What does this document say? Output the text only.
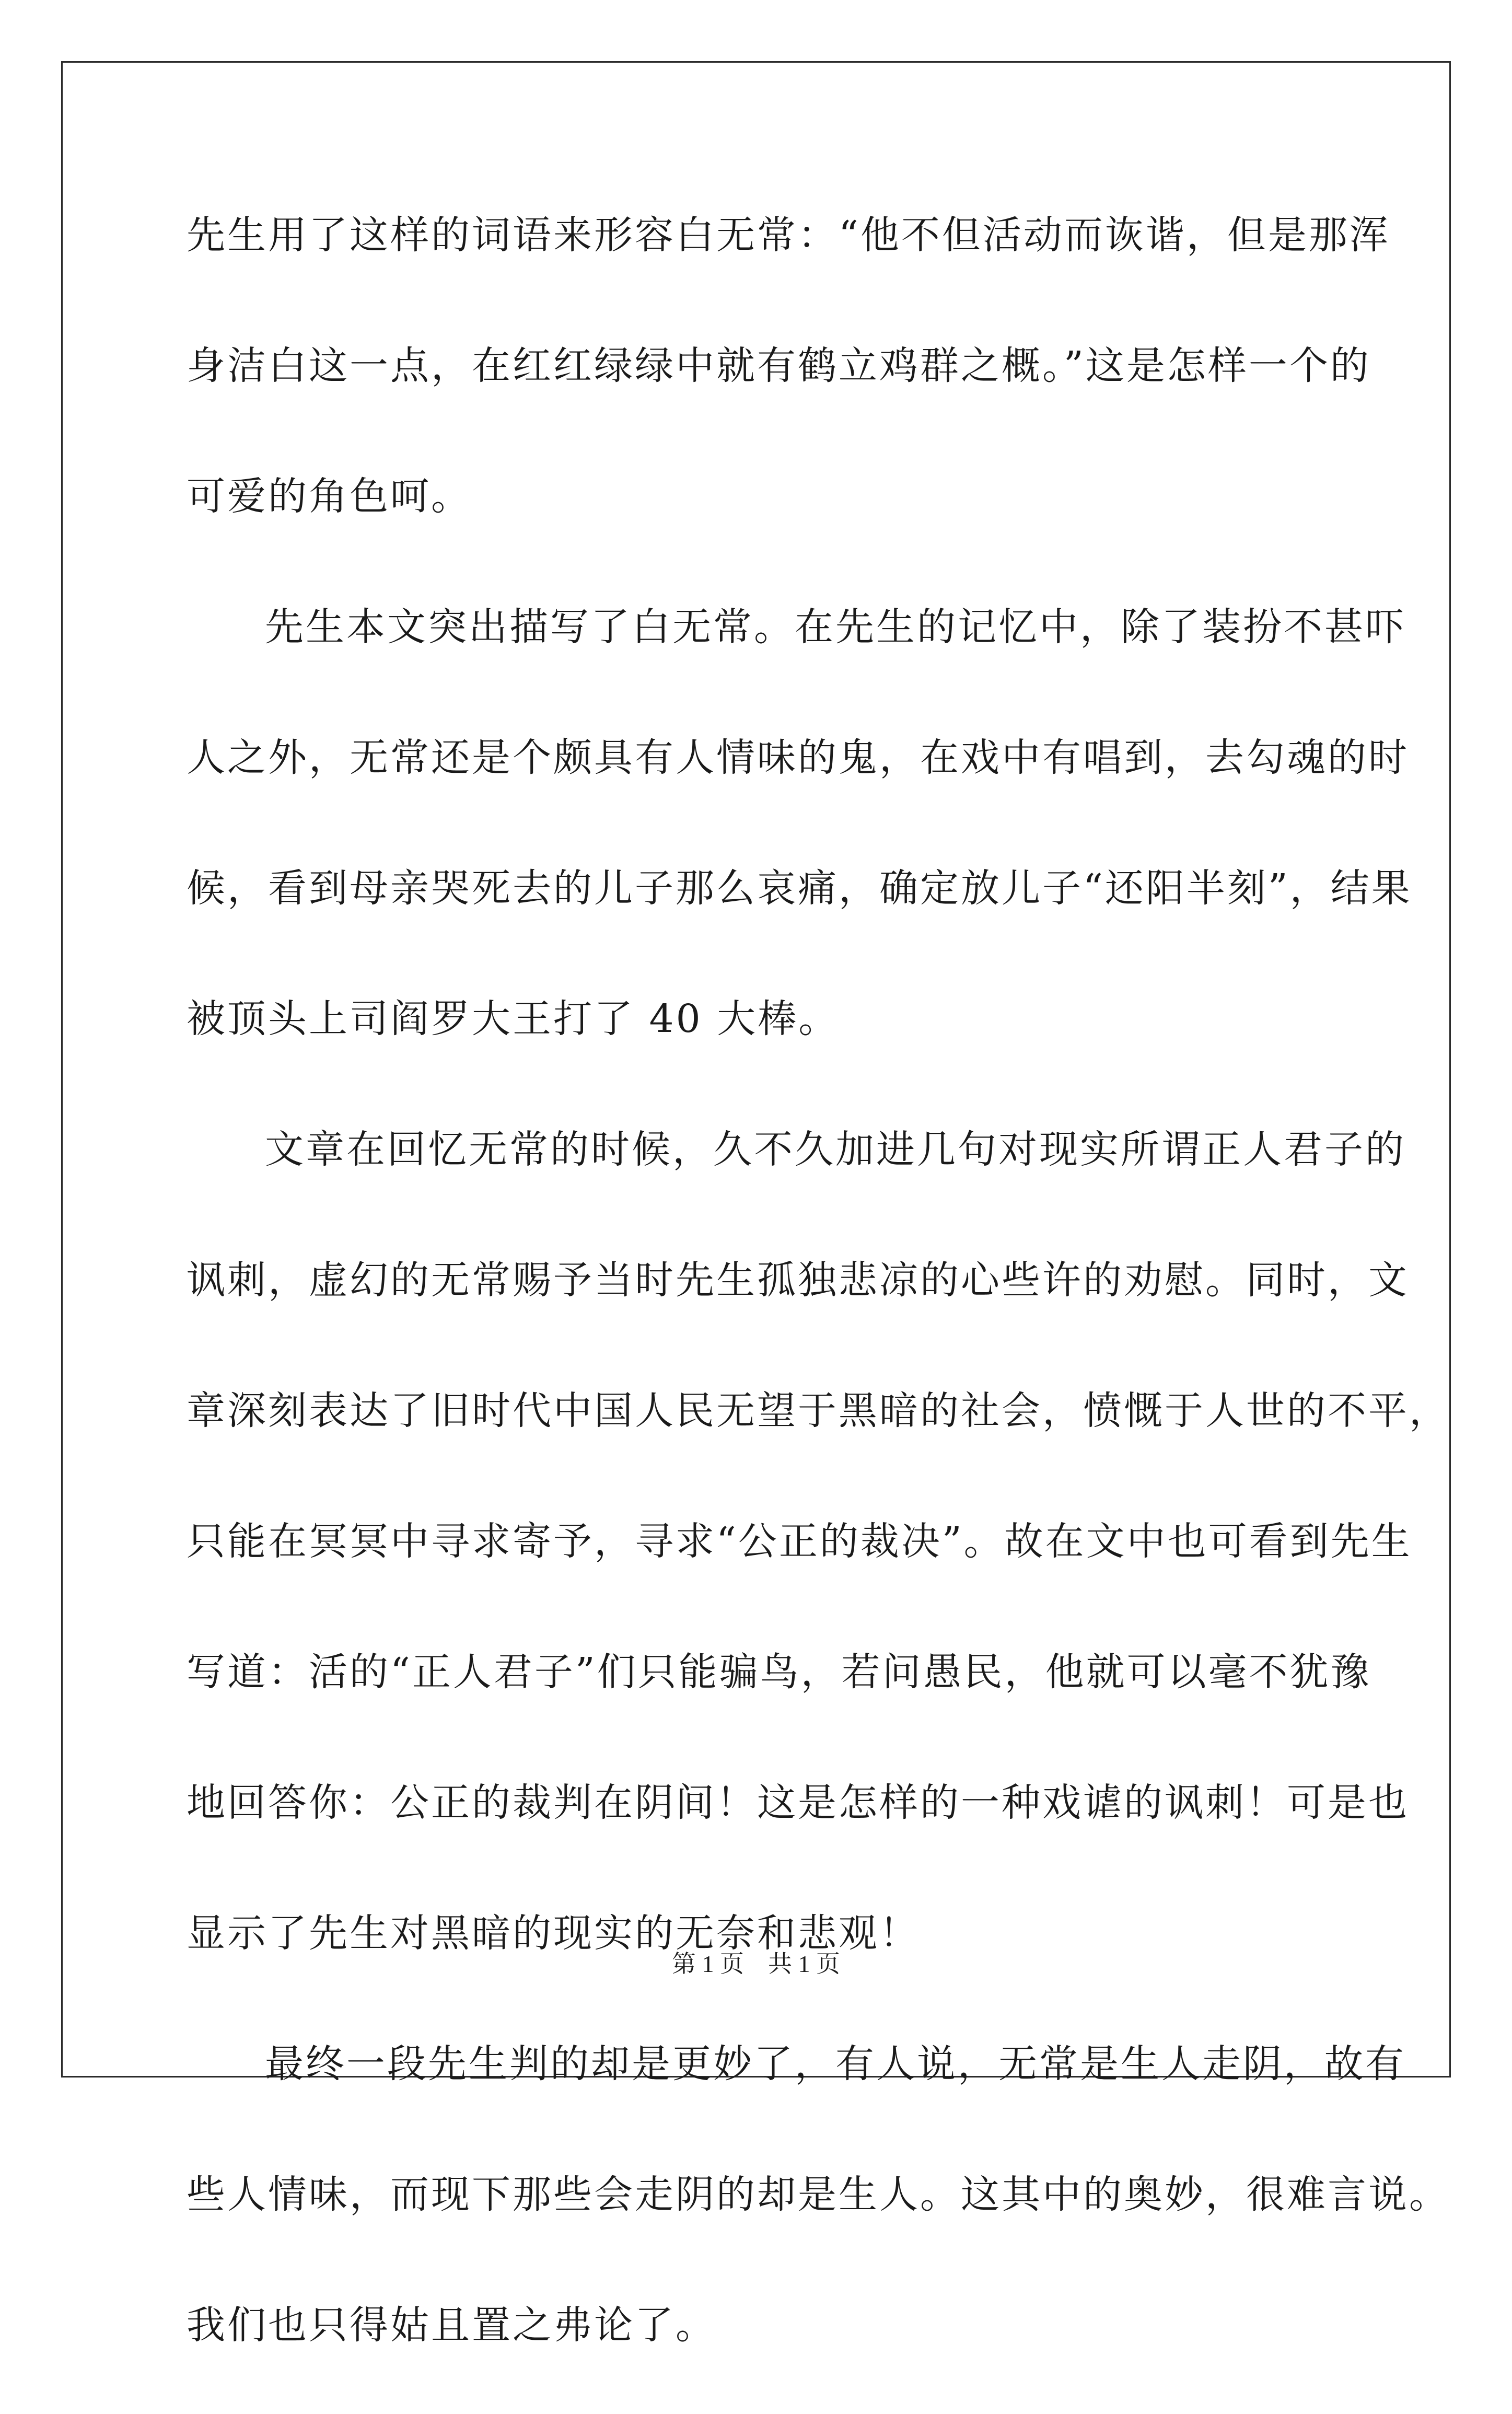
先生用了这样的词语来形容白无常：“他不但活动而诙谐，但是那浑
身洁白这一点，在红红绿绿中就有鹤立鸡群之概。”这是怎样一个的
可爱的角色呵。
先生本文突出描写了白无常。在先生的记忆中，除了装扮不甚吓
人之外，无常还是个颇具有人情味的鬼，在戏中有唱到，去勾魂的时
候，看到母亲哭死去的儿子那么哀痛，确定放儿子“还阳半刻”，结果
被顶头上司阎罗大王打了 40 大棒。
文章在回忆无常的时候，久不久加进几句对现实所谓正人君子的
讽刺，虚幻的无常赐予当时先生孤独悲凉的心些许的劝慰。同时，文
章深刻表达了旧时代中国人民无望于黑暗的社会，愤慨于人世的不平，
只能在冥冥中寻求寄予，寻求“公正的裁决”。故在文中也可看到先生
写道：活的“正人君子”们只能骗鸟，若问愚民，他就可以毫不犹豫
地回答你：公正的裁判在阴间！这是怎样的一种戏谑的讽刺！可是也
显示了先生对黑暗的现实的无奈和悲观！
最终一段先生判的却是更妙了，有人说，无常是生人走阴，故有
些人情味，而现下那些会走阴的却是生人。这其中的奥妙，很难言说。
我们也只得姑且置之弗论了。
第 1 页　共 1 页
